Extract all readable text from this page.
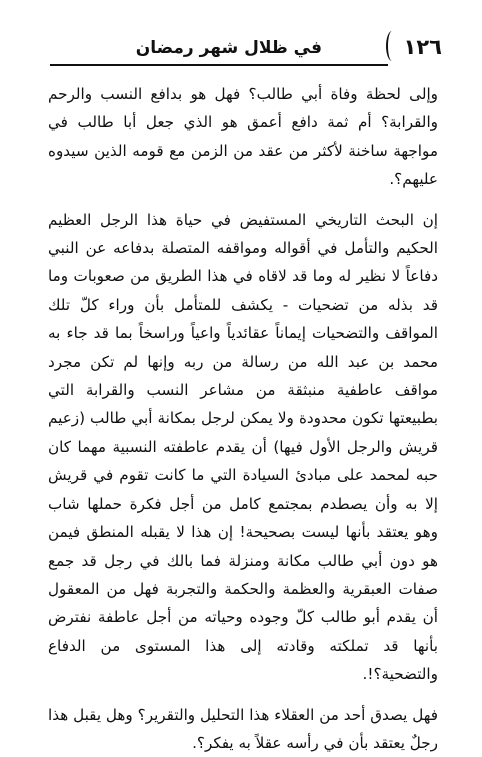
١٢٦
في ظلال شهر رمضان

وإلى لحظة وفاة أبي طالب؟ فهل هو بدافع النسب والرحم والقرابة؟ أم ثمة دافع أعمق هو الذي جعل أبا طالب في مواجهة ساخنة لأكثر من عقد من الزمن مع قومه الذين سيدوه عليهم؟.

إن البحث التاريخي المستفيض في حياة هذا الرجل العظيم الحكيم والتأمل في أقواله ومواقفه المتصلة بدفاعه عن النبي دفاعاً لا نظير له وما قد لاقاه في هذا الطريق من صعوبات وما قد بذله من تضحيات - يكشف للمتأمل بأن وراء كلّ تلك المواقف والتضحيات إيماناً عقائدياً واعياً وراسخاً بما قد جاء به محمد بن عبد الله من رسالة من ربه وإنها لم تكن مجرد مواقف عاطفية منبثقة من مشاعر النسب والقرابة التي بطبيعتها تكون محدودة ولا يمكن لرجل بمكانة أبي طالب (زعيم قريش والرجل الأول فيها) أن يقدم عاطفته النسبية مهما كان حبه لمحمد على مبادئ السيادة التي ما كانت تقوم في قريش إلا به وأن يصطدم بمجتمع كامل من أجل فكرة حملها شاب وهو يعتقد بأنها ليست بصحيحة! إن هذا لا يقبله المنطق فيمن هو دون أبي طالب مكانة ومنزلة فما بالك في رجل قد جمع صفات العبقرية والعظمة والحكمة والتجربة فهل من المعقول أن يقدم أبو طالب كلّ وجوده وحياته من أجل عاطفة نفترض بأنها قد تملكته وقادته إلى هذا المستوى من الدفاع والتضحية؟!.

فهل يصدق أحد من العقلاء هذا التحليل والتقرير؟ وهل يقبل هذا رجلٌ يعتقد بأن في رأسه عقلاً به يفكر؟.
